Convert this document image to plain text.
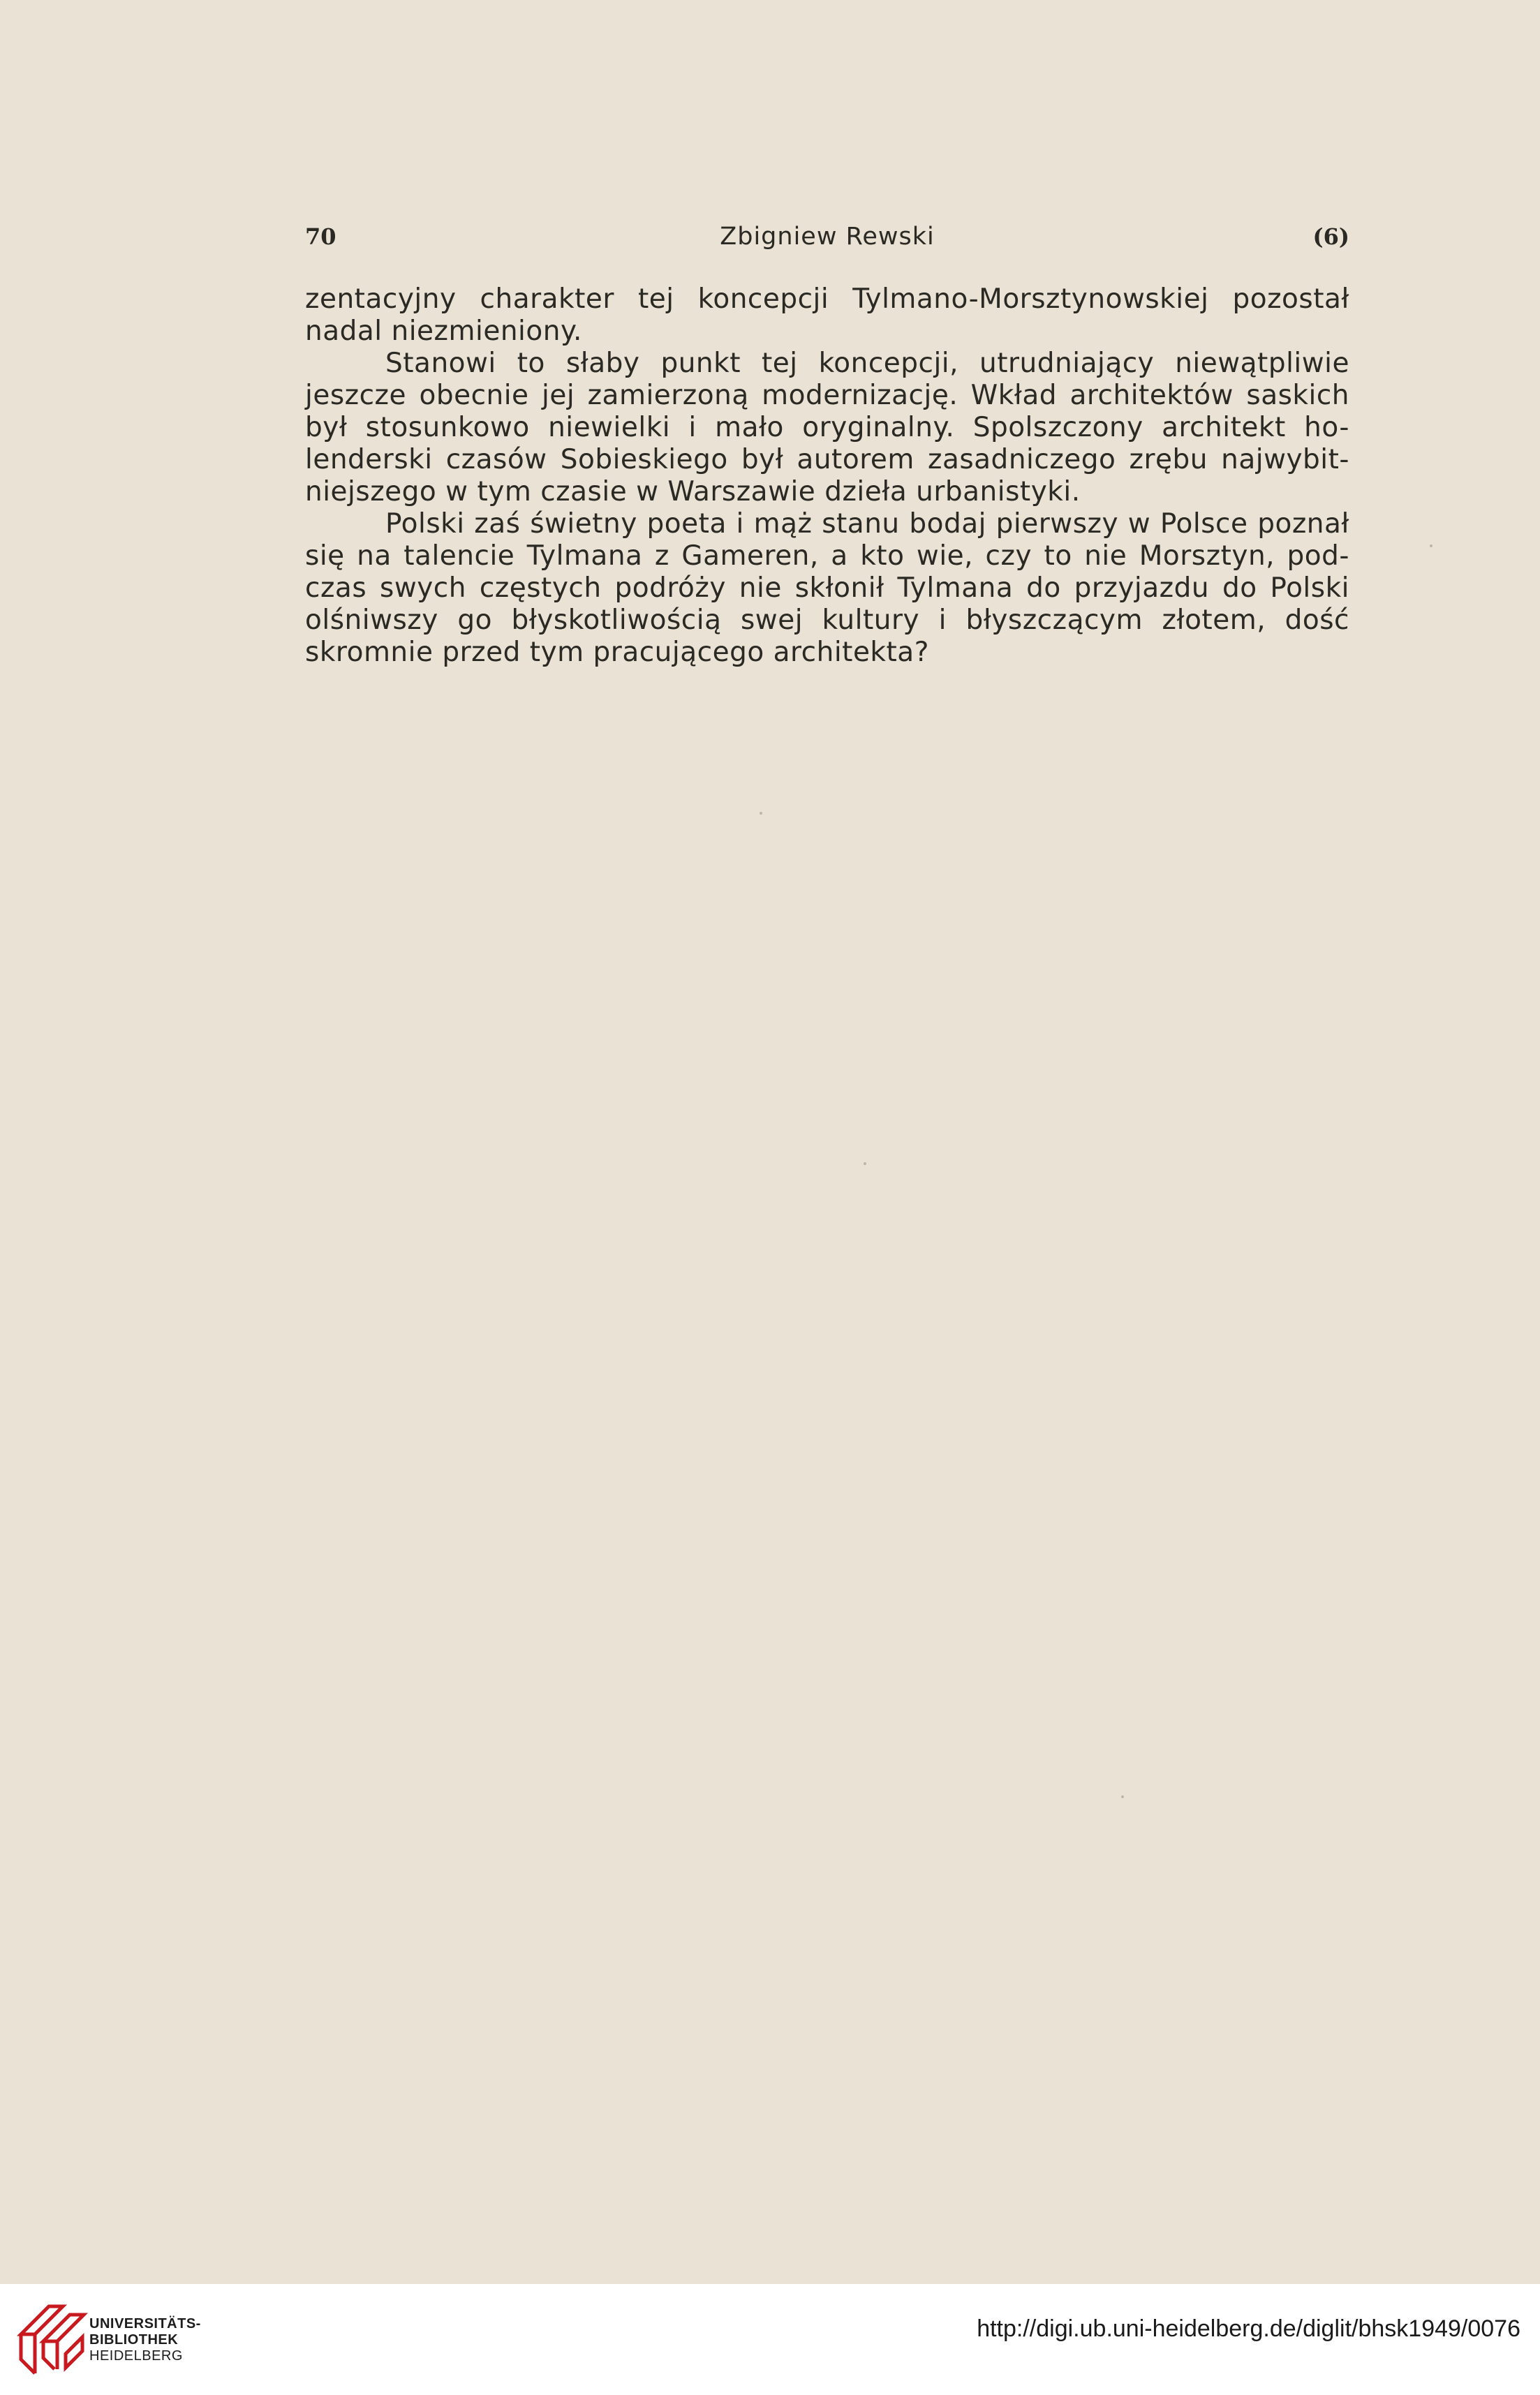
70	Zbigniew Rewski	(6)
zentacyjny charakter tej koncepcji Tylmano-Morsztynowskiej pozostał
nadal niezmieniony.
Stanowi to słaby punkt tej koncepcji, utrudniający niewątpliwie
jeszcze obecnie jej zamierzoną modernizację. Wkład architektów saskich
był stosunkowo niewielki i mało oryginalny. Spolszczony architekt ho-
lenderski czasów Sobieskiego był autorem zasadniczego zrębu najwybit-
niejszego w tym czasie w Warszawie dzieła urbanistyki.
Polski zaś świetny poeta i mąż stanu bodaj pierwszy w Polsce poznał
się na talencie Tylmana z Gameren, a kto wie, czy to nie Morsztyn, pod-
czas swych częstych podróży nie skłonił Tylmana do przyjazdu do Polski
olśniwszy go błyskotliwością swej kultury i błyszczącym złotem, dość
skromnie przed tym pracującego architekta?
UNIVERSITÄTS-
BIBLIOTHEK
HEIDELBERG
http://digi.ub.uni-heidelberg.de/diglit/bhsk1949/0076
